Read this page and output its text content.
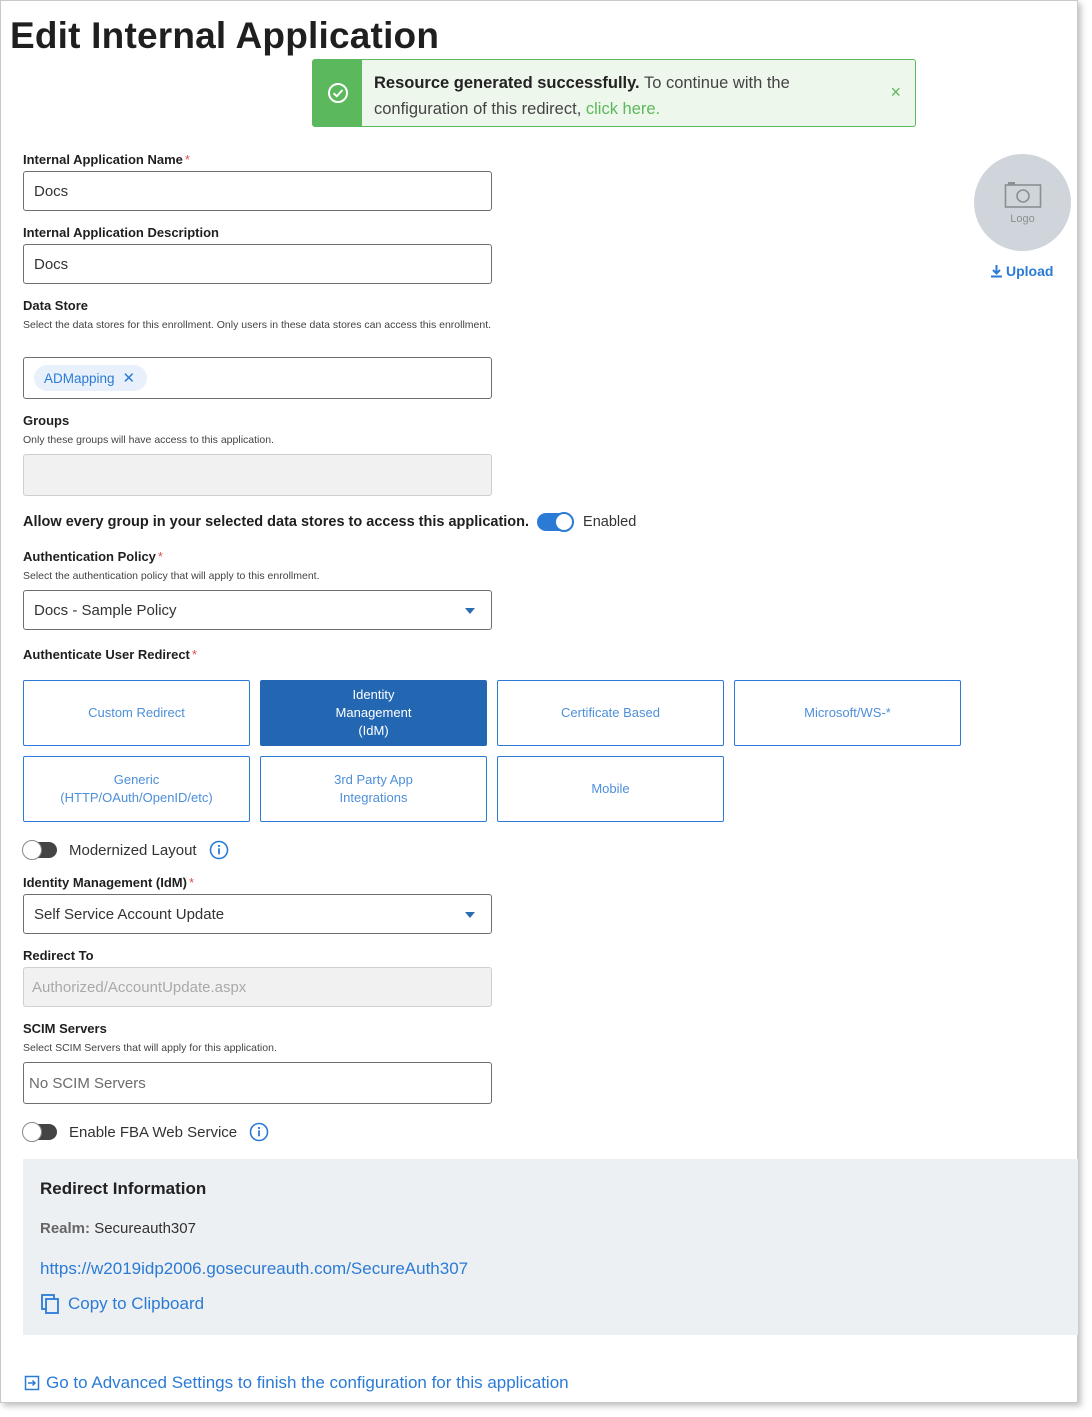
Edit Internal Application
Resource generated successfully. To continue with the configuration of this redirect, click here.
×
Internal Application Name *
Docs
Internal Application Description
Docs
Data Store
Select the data stores for this enrollment. Only users in these data stores can access this enrollment.
ADMapping ✕
Groups
Only these groups will have access to this application.
Allow every group in your selected data stores to access this application.	Enabled
Authentication Policy *
Select the authentication policy that will apply to this enrollment.
Docs - Sample Policy
Authenticate User Redirect *
Custom Redirect
Identity
Management
(IdM)
Certificate Based	Microsoft/WS-*
Generic
(HTTP/OAuth/OpenID/etc)
3rd Party App
Integrations
Mobile
Modernized Layout
Identity Management (IdM) *
Self Service Account Update
Redirect To
Authorized/AccountUpdate.aspx
SCIM Servers
Select SCIM Servers that will apply for this application.
No SCIM Servers
Enable FBA Web Service
Redirect Information
Realm: Secureauth307
https://w2019idp2006.gosecureauth.com/SecureAuth307
Copy to Clipboard
Go to Advanced Settings to finish the configuration for this application
Logo
Upload
